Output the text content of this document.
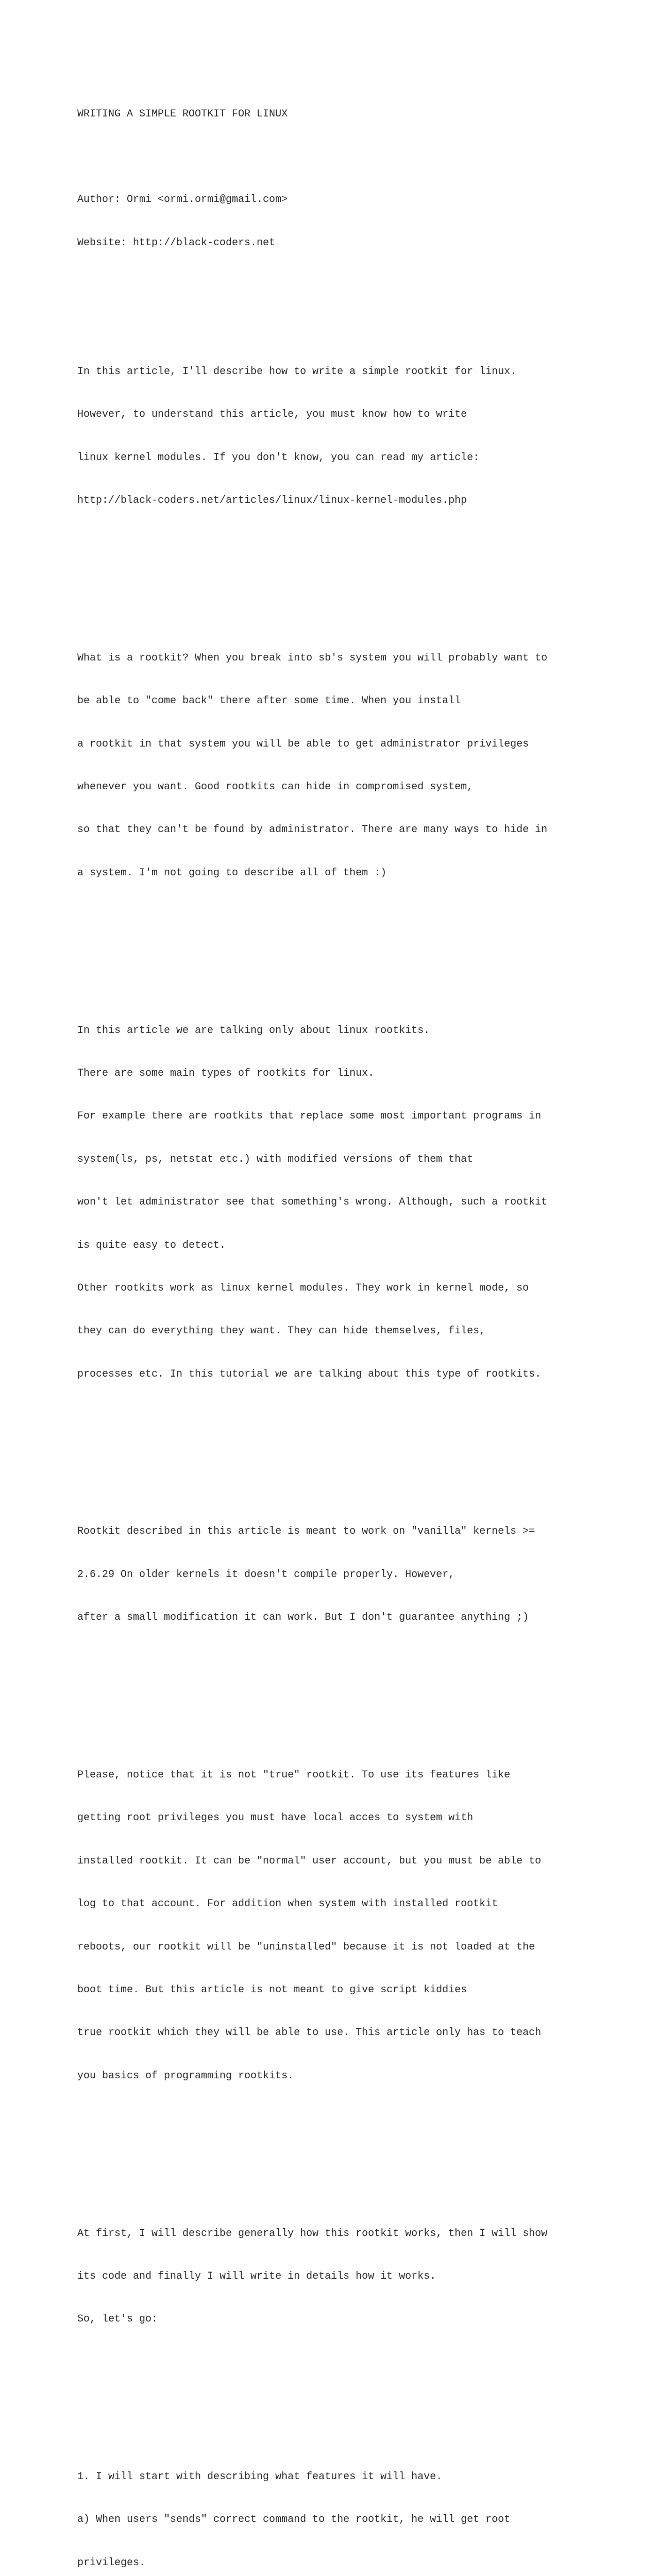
WRITING A SIMPLE ROOTKIT FOR LINUX

Author: Ormi <ormi.ormi@gmail.com>

Website: http://black-coders.net

In this article, I'll describe how to write a simple rootkit for linux.

However, to understand this article, you must know how to write

linux kernel modules. If you don't know, you can read my article:

http://black-coders.net/articles/linux/linux-kernel-modules.php

What is a rootkit? When you break into sb's system you will probably want to

be able to "come back" there after some time. When you install

a rootkit in that system you will be able to get administrator privileges

whenever you want. Good rootkits can hide in compromised system,

so that they can't be found by administrator. There are many ways to hide in

a system. I'm not going to describe all of them :)

In this article we are talking only about linux rootkits.

There are some main types of rootkits for linux.

For example there are rootkits that replace some most important programs in

system(ls, ps, netstat etc.) with modified versions of them that

won't let administrator see that something's wrong. Although, such a rootkit

is quite easy to detect.

Other rootkits work as linux kernel modules. They work in kernel mode, so

they can do everything they want. They can hide themselves, files,

processes etc. In this tutorial we are talking about this type of rootkits.

Rootkit described in this article is meant to work on "vanilla" kernels >=

2.6.29 On older kernels it doesn't compile properly. However,

after a small modification it can work. But I don't guarantee anything ;)

Please, notice that it is not "true" rootkit. To use its features like

getting root privileges you must have local acces to system with

installed rootkit. It can be "normal" user account, but you must be able to

log to that account. For addition when system with installed rootkit

reboots, our rootkit will be "uninstalled" because it is not loaded at the

boot time. But this article is not meant to give script kiddies

true rootkit which they will be able to use. This article only has to teach

you basics of programming rootkits.

At first, I will describe generally how this rootkit works, then I will show

its code and finally I will write in details how it works.

So, let's go:

1. I will start with describing what features it will have.

a) When users "sends" correct command to the rootkit, he will get root

privileges.
